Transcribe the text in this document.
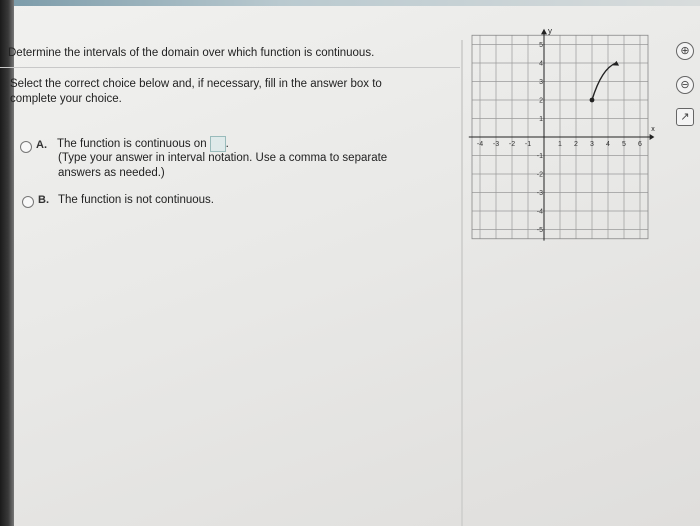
Determine the intervals of the domain over which function is continuous.
Select the correct choice below and, if necessary, fill in the answer box to complete your choice.
A. The function is continuous on .
(Type your answer in interval notation. Use a comma to separate
answers as needed.)
B. The function is not continuous.
x
y
-4 -3 -2 -1	1 2 3 4 5 6
5
4
3
2
1
-1
-2
-3
-4
-5
⊕
⊖
↗
